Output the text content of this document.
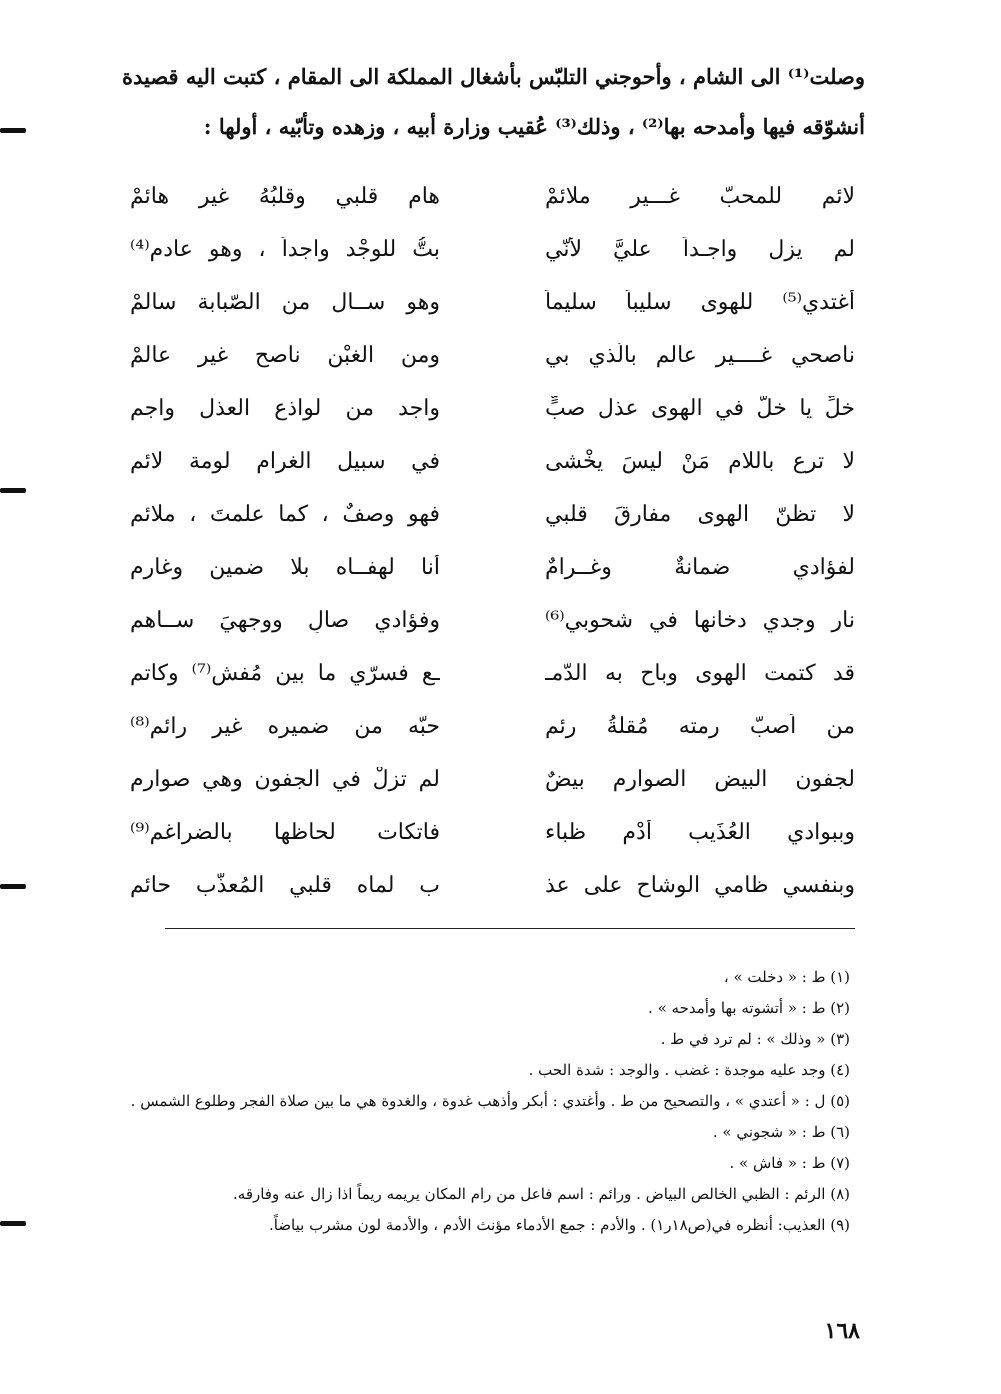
وصلت⁽¹⁾ الى الشام ، وأحوجني التلبّس بأشغال المملكة الى المقام ، كتبت اليه قصيدة

أنشوّقه فيها وأمدحه بها⁽²⁾ ، وذلك⁽³⁾ عُقيب وزارة أبيه ، وزهده وتأبّيه ، أولها :

لائم للمحبّ غـــير ملائمْ
هام قلبي وقلبُهُ غير هائمْ
لم يزل واجـداً عليَّ لأنّي
بتُّ للوجْد واجداً ، وهو عادم⁽⁴⁾
أغتدي⁽⁵⁾ للهوى سليباً سليماً
وهو ســال من الصّبابة سالمْ
ناصحي غــــير عالم بالّذي بي
ومن الغبْن ناصح غير عالمْ
خلِّ يا خلُّ في الهوى عذل صبٍّ
واجد من لواذع العذل واجم
لا ترع باللام مَنْ ليسَ يخْشى
في سبيل الغرام لومة لائم
لا تظنّ الهوى مفارقَ قلبي
فهو وصفٌ ، كما علمتَ ، ملائم
لفؤادي ضمانةٌ وغــرامٌ
أنا لهفــاه بلا ضمين وغارم
نار وجدي دخانها في شحوبي⁽⁶⁾
وفؤادي صالٍ ووجهيَ ســاهم
قد كتمت الهوى وباح به الدّمـ
ـع فسرّي ما بين مُفش⁽⁷⁾ وكاتم
من اَصبّ رمته مُقلةُ رئم
حبّه من ضميره غير رائم⁽⁸⁾
لجفون البيض الصوارم بيضٌ
لم تزلْ في الجفون وهي صوارم
وببوادي العُذَيب أُدْم ظباء
فاتكات لحاظها بالضراغم⁽⁹⁾
وبنفسي ظامي الوشاح على عذ
ب لماه قلبي المُعذّب حائم

(١) ط : « دخلت » ،

(٢) ط : « أتشوته بها وأمدحه » .

(٣) « وذلك » : لم ترد في ط .

(٤) وجد عليه موجدة : غضب . والوجد : شدة الحب .

(٥) ل : « أعتدي » ، والتصحيح من ط . وأغتدي : أبكر وأذهب غدوة ، والغدوة هي ما بين صلاة الفجر وطلوع الشمس .

(٦) ط : « شجوني » .

(٧) ط : « فاش » .

(٨) الرئم : الظبي الخالص البياض . ورائم : اسم فاعل من رام المكان يريمه ريماً اذا زال عنه وفارقه.

(٩) العذيب: أنظره في(ص١٨ر١) . والأدم : جمع الأدماء مؤنث الأدم ، والأدمة لون مشرب بياضاً.

١٦٨
